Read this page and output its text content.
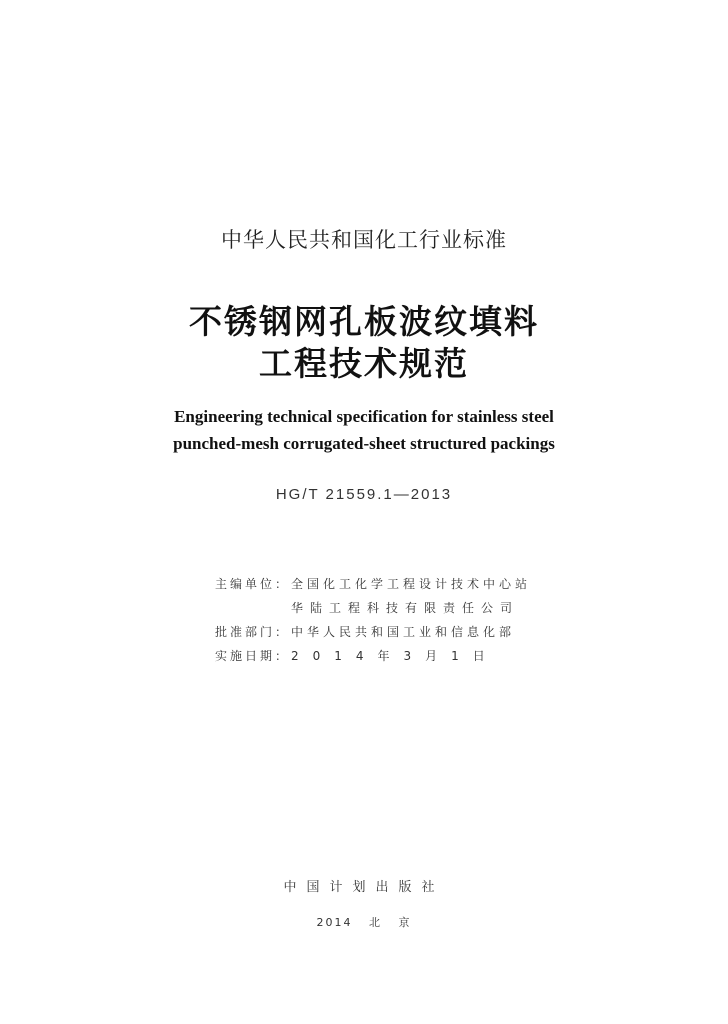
中华人民共和国化工行业标准
不锈钢网孔板波纹填料
工程技术规范
Engineering technical specification for stainless steel
punched-mesh corrugated-sheet structured packings
HG/T 21559.1—2013
主编单位： 全国化工化学工程设计技术中心站
华陆工程科技有限责任公司
批准部门： 中华人民共和国工业和信息化部
实施日期： 2014年3月1日
中国计划出版社
2014   北   京
